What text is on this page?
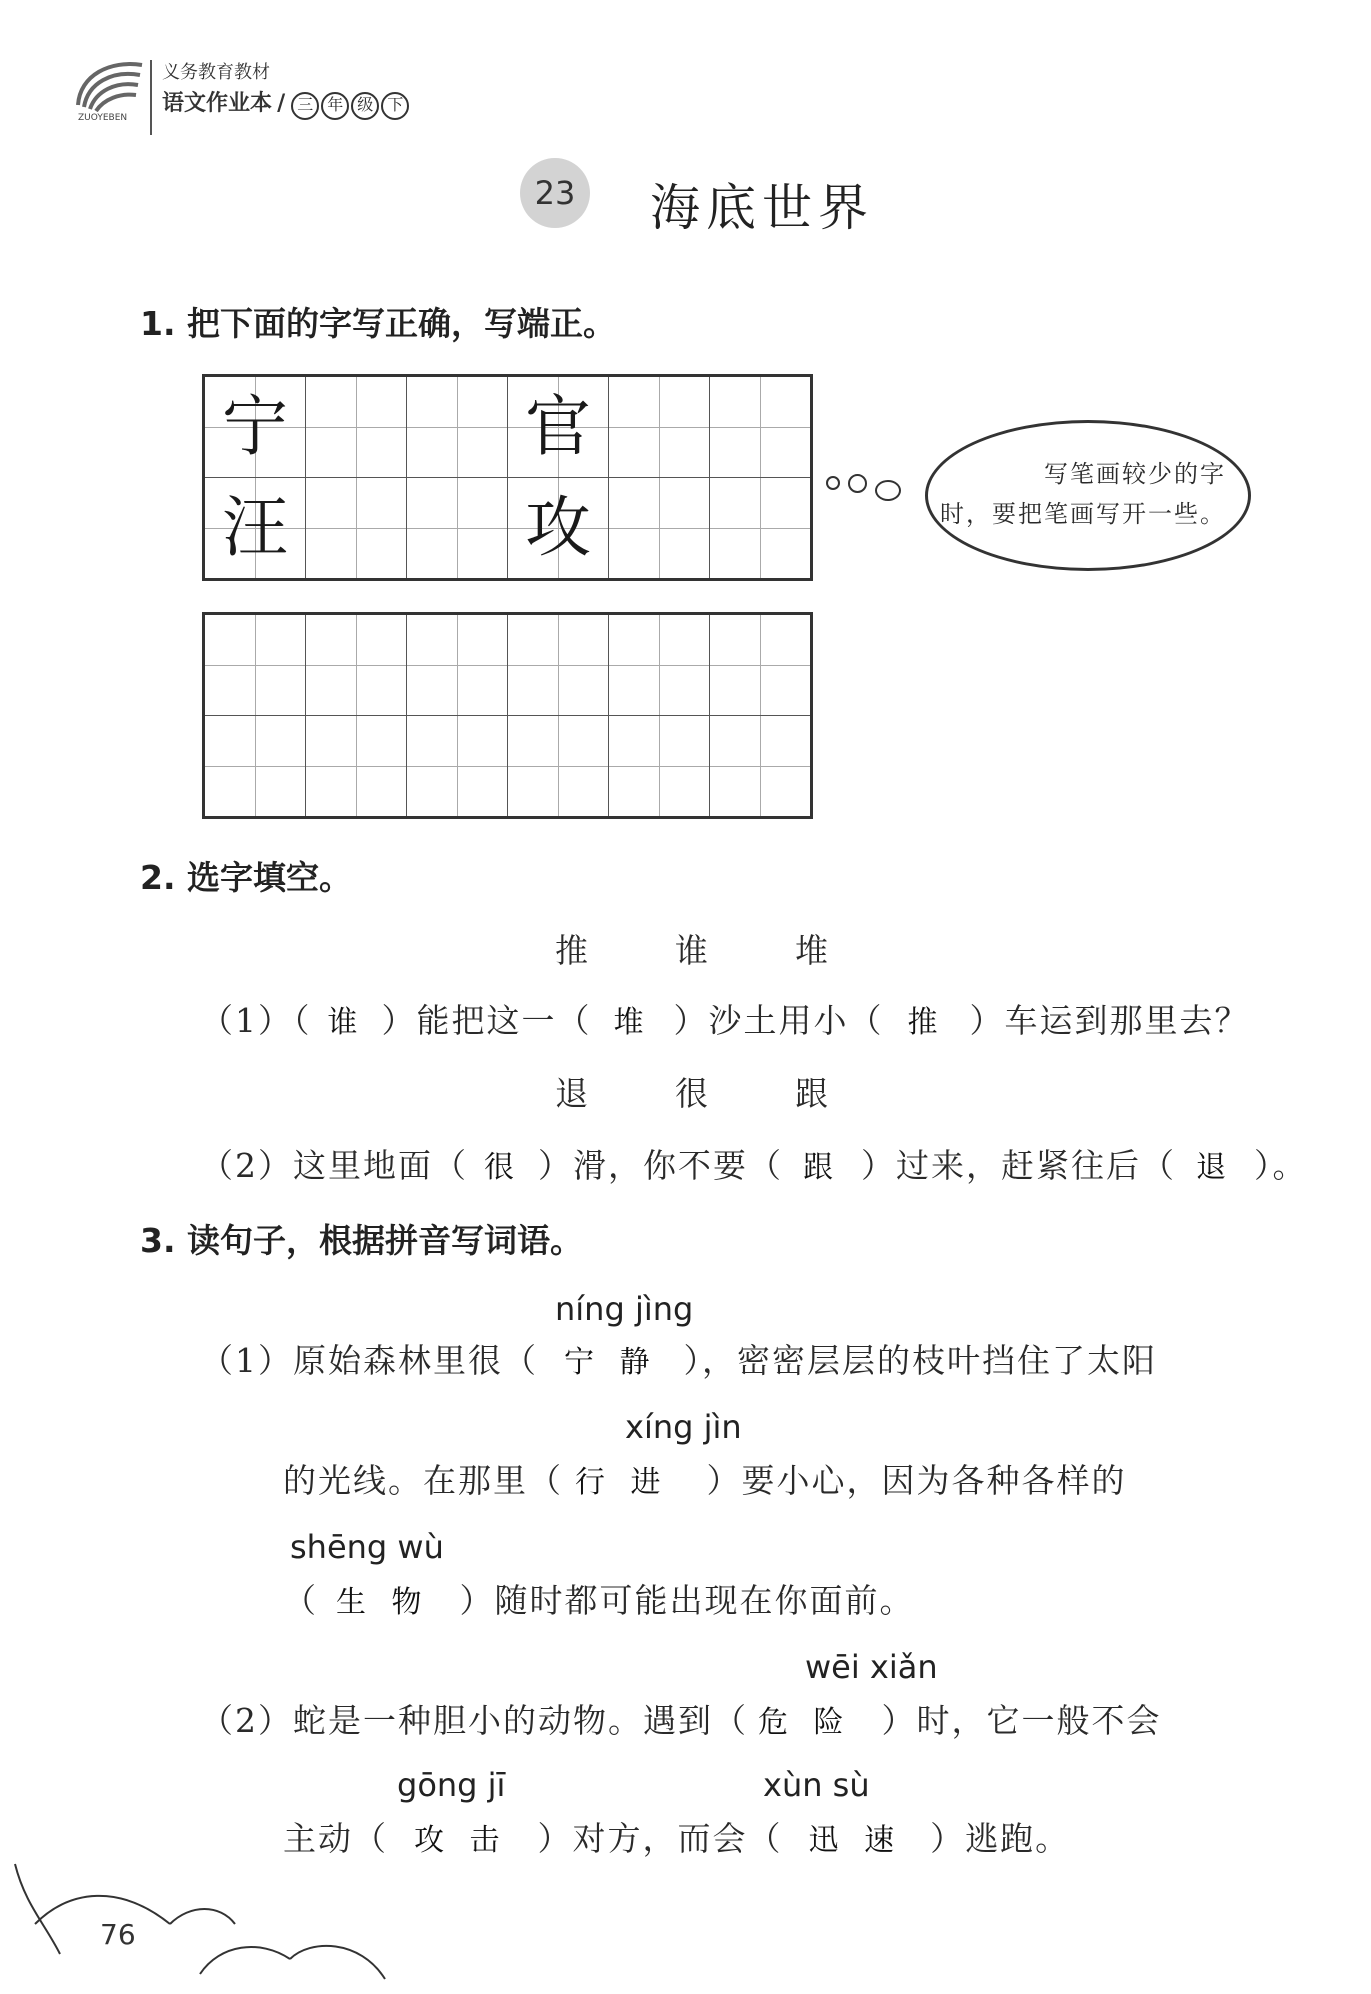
ZUOYEBEN
义务教育教材
语文作业本 / 三 年 级 下
23 海底世界
1. 把下面的字写正确，写端正。
宁			官		
汪			攻		

写笔画较少的字
时，要把笔画写开一些。
2. 选字填空。
推	谁	堆
（1）（ 谁 ）能把这一（ 堆 ）沙土用小（ 推 ）车运到那里去？
退	很	跟
（2）这里地面（ 很 ）滑，你不要（ 跟 ）过来，赶紧往后（ 退 ）。
3. 读句子，根据拼音写词语。
níng jìng
（1）原始森林里很（ 宁 静 ），密密层层的枝叶挡住了太阳
xíng jìn
的光线。在那里（ 行 进 ）要小心，因为各种各样的
shēng wù
（ 生 物 ）随时都可能出现在你面前。
wēi xiǎn
（2）蛇是一种胆小的动物。遇到（ 危 险 ）时，它一般不会
gōng jī	xùn sù
主动（ 攻 击 ）对方，而会（ 迅 速 ）逃跑。
76
